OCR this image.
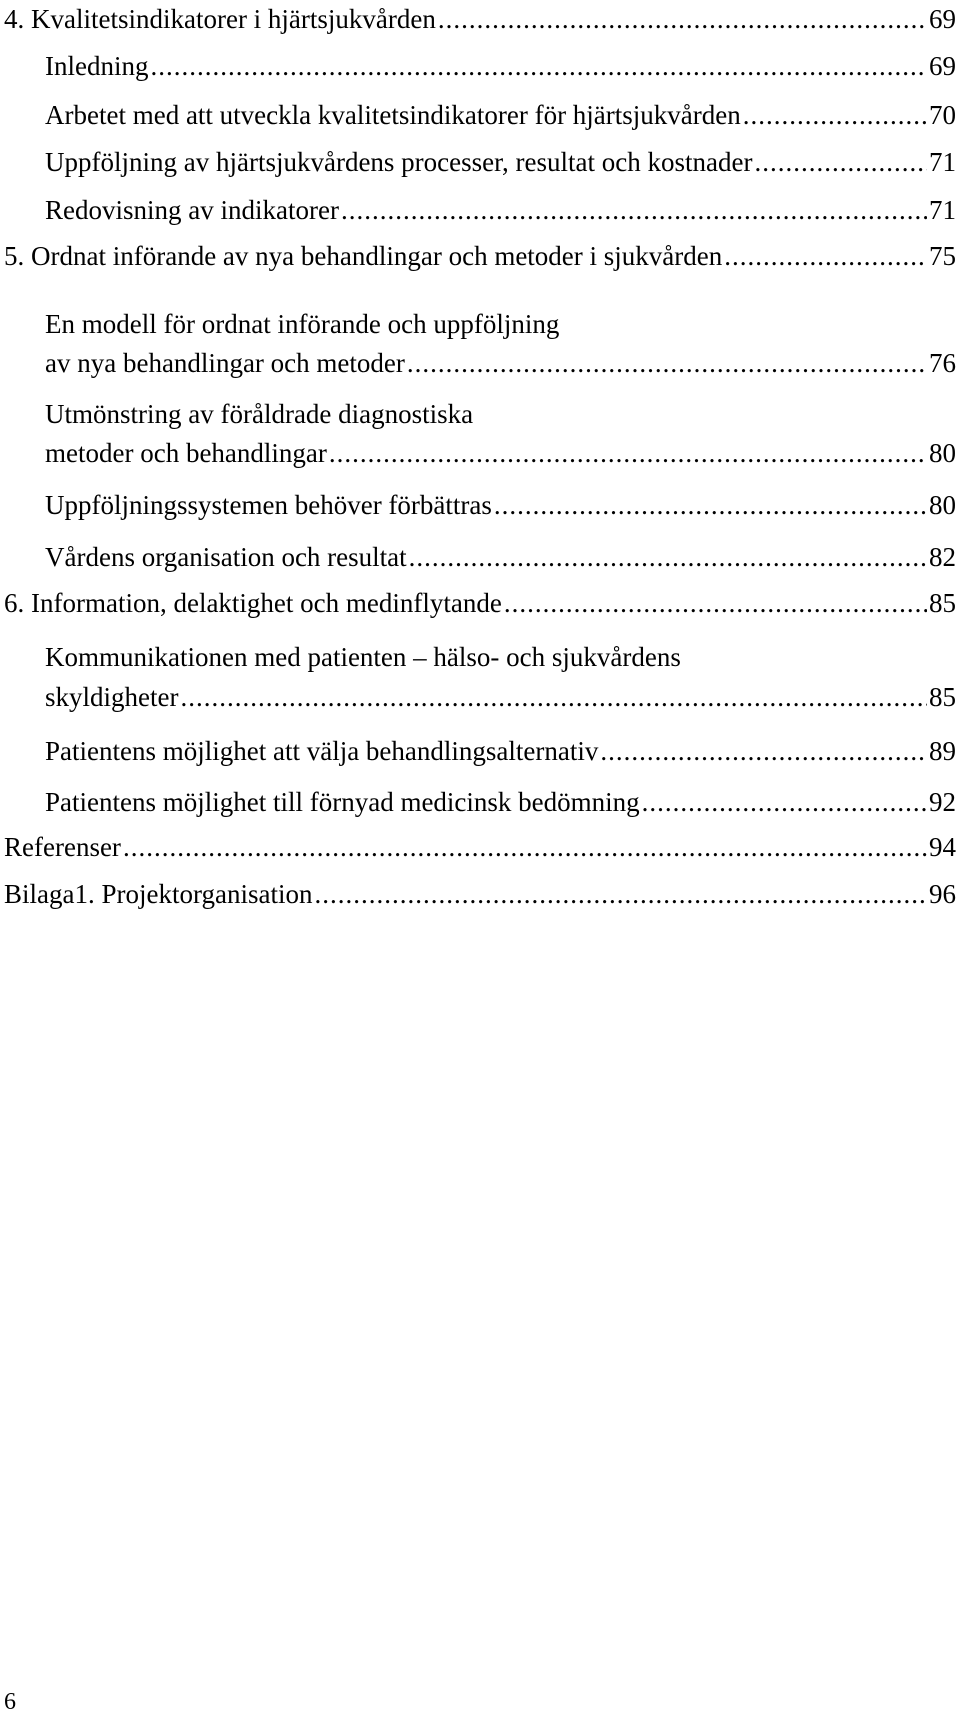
4. Kvalitetsindikatorer i hjärtsjukvården .....	69
Inledning .....	69
Arbetet med att utveckla kvalitetsindikatorer för hjärtsjukvården .....	70
Uppföljning av hjärtsjukvårdens processer, resultat och kostnader .....	71
Redovisning av indikatorer .....	71
5. Ordnat införande av nya behandlingar och metoder i sjukvården .....	75
En modell för ordnat införande och uppföljning
av nya behandlingar och metoder .....	76
Utmönstring av föråldrade diagnostiska
metoder och behandlingar .....	80
Uppföljningssystemen behöver förbättras .....	80
Vårdens organisation och resultat .....	82
6. Information, delaktighet och medinflytande .....	85
Kommunikationen med patienten – hälso- och sjukvårdens
skyldigheter .....	85
Patientens möjlighet att välja behandlingsalternativ .....	89
Patientens möjlighet till förnyad medicinsk bedömning .....	92
Referenser .....	94
Bilaga1. Projektorganisation .....	96
6
